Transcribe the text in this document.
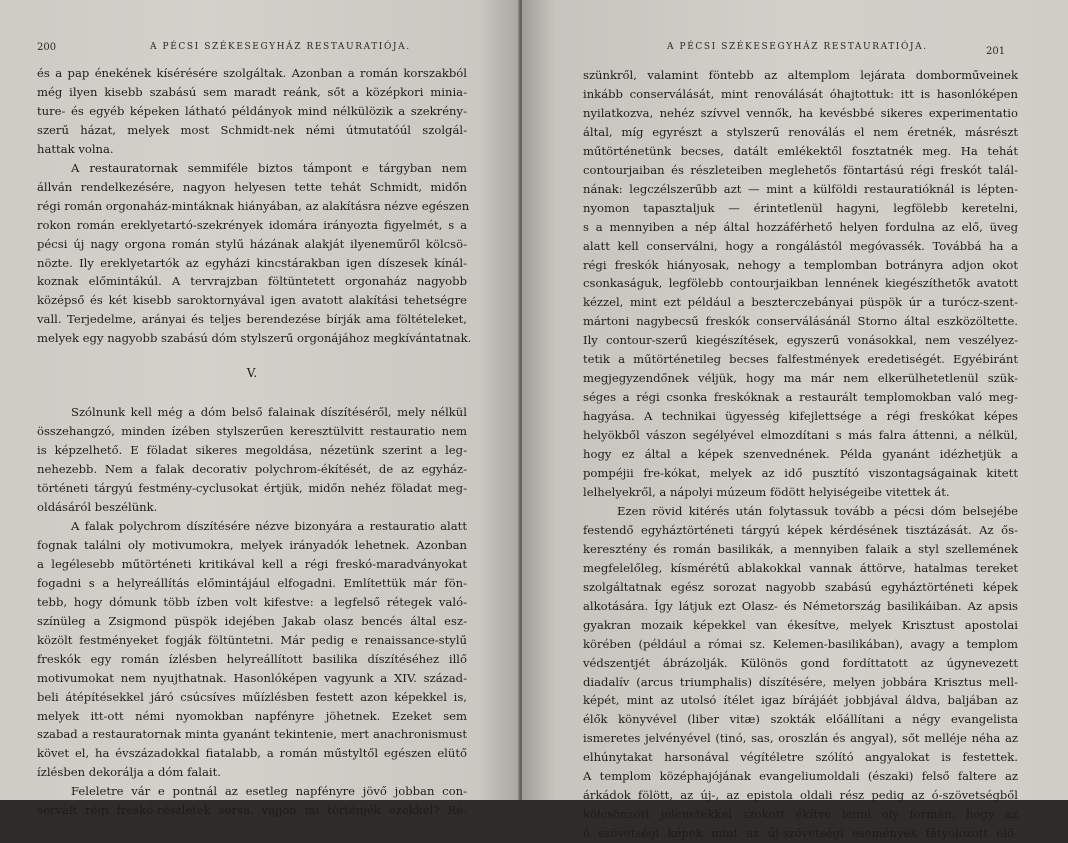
200	A PÉCSI SZÉKESEGYHÁZ RESTAURATIÓJA.
és a pap énekének kísérésére szolgáltak. Azonban a román korszakból
még ilyen kisebb szabású sem maradt reánk, sőt a középkori minia-
ture- és egyéb képeken látható példányok mind nélkülözik a szekrény-
szerű házat, melyek most Schmidt-nek némi útmutatóúl szolgál-
hattak volna.
A restauratornak semmiféle biztos támpont e tárgyban nem
állván rendelkezésére, nagyon helyesen tette tehát Schmidt, midőn
régi román orgonaház-mintáknak hiányában, az alakításra nézve egészen
rokon román ereklyetartó-szekrények idomára irányozta figyelmét, s a
pécsi új nagy orgona román stylű házának alakját ilyeneműről kölcsö-
nözte. Ily ereklyetartók az egyházi kincstárakban igen díszesek kínál-
koznak előmintákúl. A tervrajzban föltüntetett orgonaház nagyobb
középső és két kisebb saroktornyával igen avatott alakítási tehetségre
vall. Terjedelme, arányai és teljes berendezése bírják ama föltételeket,
melyek egy nagyobb szabású dóm stylszerű orgonájához megkívántatnak.
V.
Szólnunk kell még a dóm belső falainak díszítéséről, mely nélkül
összehangzó, minden ízében stylszerűen keresztülvitt restauratio nem
is képzelhető. E föladat sikeres megoldása, nézetünk szerint a leg-
nehezebb. Nem a falak decorativ polychrom-ékítését, de az egyház-
történeti tárgyú festmény-cyclusokat értjük, midőn nehéz föladat meg-
oldásáról beszélünk.
A falak polychrom díszítésére nézve bizonyára a restauratio alatt
fognak találni oly motivumokra, melyek irányadók lehetnek. Azonban
a legélesebb műtörténeti kritikával kell a régi freskó-maradványokat
fogadni s a helyreállítás előmintájául elfogadni. Említettük már fön-
tebb, hogy dómunk több ízben volt kifestve: a legfelső rétegek való-
színüleg a Zsigmond püspök idejében Jakab olasz bencés által esz-
közölt festményeket fogják föltüntetni. Már pedig e renaissance-stylű
freskók egy román ízlésben helyreállított basilika díszítéséhez illő
motivumokat nem nyujthatnak. Hasonlóképen vagyunk a XIV. század-
beli átépítésekkel járó csúcsíves műízlésben festett azon képekkel is,
melyek itt-ott némi nyomokban napfényre jöhetnek. Ezeket sem
szabad a restauratornak minta gyanánt tekintenie, mert anachronismust
követ el, ha évszázadokkal fiatalabb, a román műstyltől egészen elütő
ízlésben dekorálja a dóm falait.
Feleletre vár e pontnál az esetleg napfényre jövő jobban con-
servált régi freskó-részletek sorsa, vajjon mi történjék ezekkel? Ré-
A PÉCSI SZÉKESEGYHÁZ RESTAURATIÓJA.	201
szünkről, valamint föntebb az altemplom lejárata domborműveinek
inkább conserválását, mint renoválását óhajtottuk: itt is hasonlóképen
nyilatkozva, nehéz szívvel vennők, ha kevésbbé sikeres experimentatio
által, míg egyrészt a stylszerű renoválás el nem éretnék, másrészt
műtörténetünk becses, datált emlékektől fosztatnék meg. Ha tehát
contourjaiban és részleteiben meglehetős föntartású régi freskót talál-
nának: legczélszerűbb azt — mint a külföldi restauratióknál is lépten-
nyomon tapasztaljuk — érintetlenül hagyni, legfölebb keretelni,
s a mennyiben a nép által hozzáférhető helyen fordulna az elő, üveg
alatt kell conserválni, hogy a rongálástól megóvassék. Továbbá ha a
régi freskók hiányosak, nehogy a templomban botrányra adjon okot
csonkaságuk, legfölebb contourjaikban lennének kiegészíthetők avatott
kézzel, mint ezt például a beszterczebányai püspök úr a turócz-szent-
mártoni nagybecsű freskók conserválásánál Storno által eszközöltette.
Ily contour-szerű kiegészítések, egyszerű vonásokkal, nem veszélyez-
tetik a műtörténetileg becses falfestmények eredetiségét. Egyébiránt
megjegyzendőnek véljük, hogy ma már nem elkerülhetetlenül szük-
séges a régi csonka freskóknak a restaurált templomokban való meg-
hagyása. A technikai ügyesség kifejlettsége a régi freskókat képes
helyökből vászon segélyével elmozdítani s más falra áttenni, a nélkül,
hogy ez által a képek szenvednének. Példa gyanánt idézhetjük a
pompéjii fre-kókat, melyek az idő pusztító viszontagságainak kitett
lelhelyekről, a nápolyi múzeum födött helyiségeibe vitettek át.
Ezen rövid kitérés után folytassuk tovább a pécsi dóm belsejébe
festendő egyháztörténeti tárgyú képek kérdésének tisztázását. Az ős-
keresztény és román basilikák, a mennyiben falaik a styl szellemének
megfelelőleg, kísmérétű ablakokkal vannak áttörve, hatalmas tereket
szolgáltatnak egész sorozat nagyobb szabású egyháztörténeti képek
alkotására. Így látjuk ezt Olasz- és Németország basilikáiban. Az apsis
gyakran mozaik képekkel van ékesítve, melyek Krisztust apostolai
körében (például a római sz. Kelemen-basilikában), avagy a templom
védszentjét ábrázolják. Különös gond fordíttatott az úgynevezett
diadalív (arcus triumphalis) díszítésére, melyen jobbára Krisztus mell-
képét, mint az utolsó ítélet igaz bírájáét jobbjával áldva, baljában az
élők könyvével (liber vitæ) szokták előállítani a négy evangelista
ismeretes jelvényével (tinó, sas, oroszlán és angyal), sőt melléje néha az
elhúnytakat harsonával végítéletre szólító angyalokat is festettek.
A templom középhajójának evangeliumoldali (északi) felső faltere az
árkádok fölött, az új-, az epistola oldali rész pedig az ó-szövetségből
kölcsönzött jelenetekkel szokott ékítve lenni oly formán, hogy az
ó szövetségi képek mint az új-szövetségi események fátyolozott elő-
